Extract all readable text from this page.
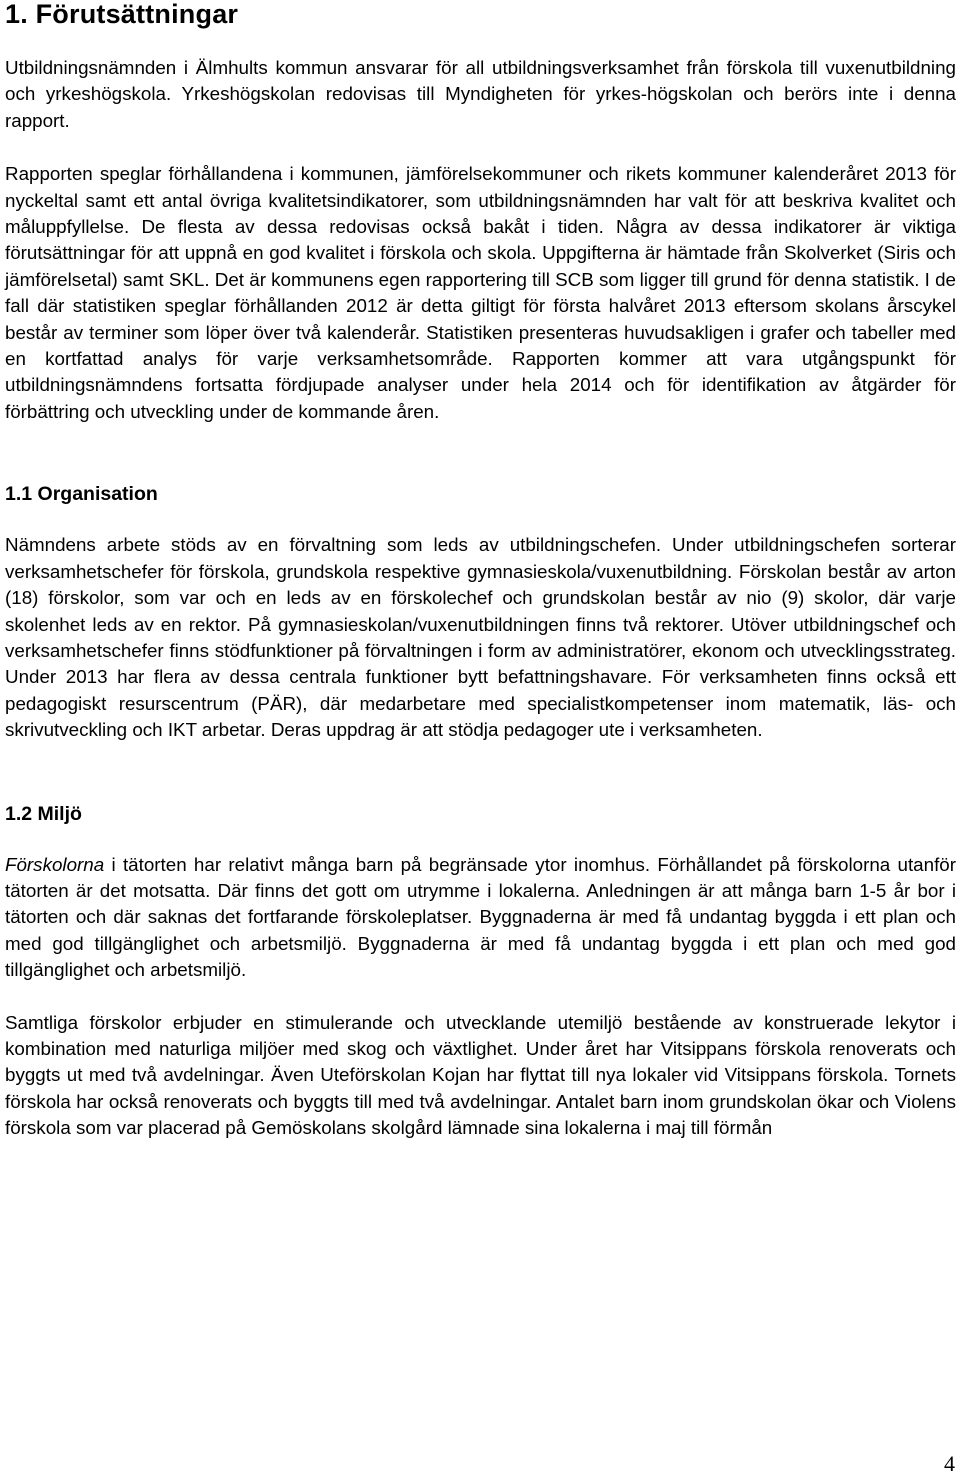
1. Förutsättningar

Utbildningsnämnden i Älmhults kommun ansvarar för all utbildningsverksamhet från förskola till vuxenutbildning och yrkeshögskola. Yrkeshögskolan redovisas till Myndigheten för yrkes-högskolan och berörs inte i denna rapport.

Rapporten speglar förhållandena i kommunen, jämförelsekommuner och rikets kommuner kalenderåret 2013 för nyckeltal samt ett antal övriga kvalitetsindikatorer, som utbildningsnämnden har valt för att beskriva kvalitet och måluppfyllelse. De flesta av dessa redovisas också bakåt i tiden. Några av dessa indikatorer är viktiga förutsättningar för att uppnå en god kvalitet i förskola och skola. Uppgifterna är hämtade från Skolverket (Siris och jämförelsetal) samt SKL. Det är kommunens egen rapportering till SCB som ligger till grund för denna statistik. I de fall där statistiken speglar förhållanden 2012 är detta giltigt för första halvåret 2013 eftersom skolans årscykel består av terminer som löper över två kalenderår. Statistiken presenteras huvudsakligen i grafer och tabeller med en kortfattad analys för varje verksamhetsområde. Rapporten kommer att vara utgångspunkt för utbildningsnämndens fortsatta fördjupade analyser under hela 2014 och för identifikation av åtgärder för förbättring och utveckling under de kommande åren.

1.1 Organisation

Nämndens arbete stöds av en förvaltning som leds av utbildningschefen. Under utbildningschefen sorterar verksamhetschefer för förskola, grundskola respektive gymnasieskola/vuxenutbildning. Förskolan består av arton (18) förskolor, som var och en leds av en förskolechef och grundskolan består av nio (9) skolor, där varje skolenhet leds av en rektor. På gymnasieskolan/vuxenutbildningen finns två rektorer. Utöver utbildningschef och verksamhetschefer finns stödfunktioner på förvaltningen i form av administratörer, ekonom och utvecklingsstrateg. Under 2013 har flera av dessa centrala funktioner bytt befattningshavare. För verksamheten finns också ett pedagogiskt resurscentrum (PÄR), där medarbetare med specialistkompetenser inom matematik, läs- och skrivutveckling och IKT arbetar. Deras uppdrag är att stödja pedagoger ute i verksamheten.

1.2 Miljö

Förskolorna i tätorten har relativt många barn på begränsade ytor inomhus. Förhållandet på förskolorna utanför tätorten är det motsatta. Där finns det gott om utrymme i lokalerna. Anledningen är att många barn 1-5 år bor i tätorten och där saknas det fortfarande förskoleplatser. Byggnaderna är med få undantag byggda i ett plan och med god tillgänglighet och arbetsmiljö. Byggnaderna är med få undantag byggda i ett plan och med god tillgänglighet och arbetsmiljö.

Samtliga förskolor erbjuder en stimulerande och utvecklande utemiljö bestående av konstruerade lekytor i kombination med naturliga miljöer med skog och växtlighet. Under året har Vitsippans förskola renoverats och byggts ut med två avdelningar. Även Uteförskolan Kojan har flyttat till nya lokaler vid Vitsippans förskola. Tornets förskola har också renoverats och byggts till med två avdelningar. Antalet barn inom grundskolan ökar och Violens förskola som var placerad på Gemöskolans skolgård lämnade sina lokalerna i maj till förmån

4
